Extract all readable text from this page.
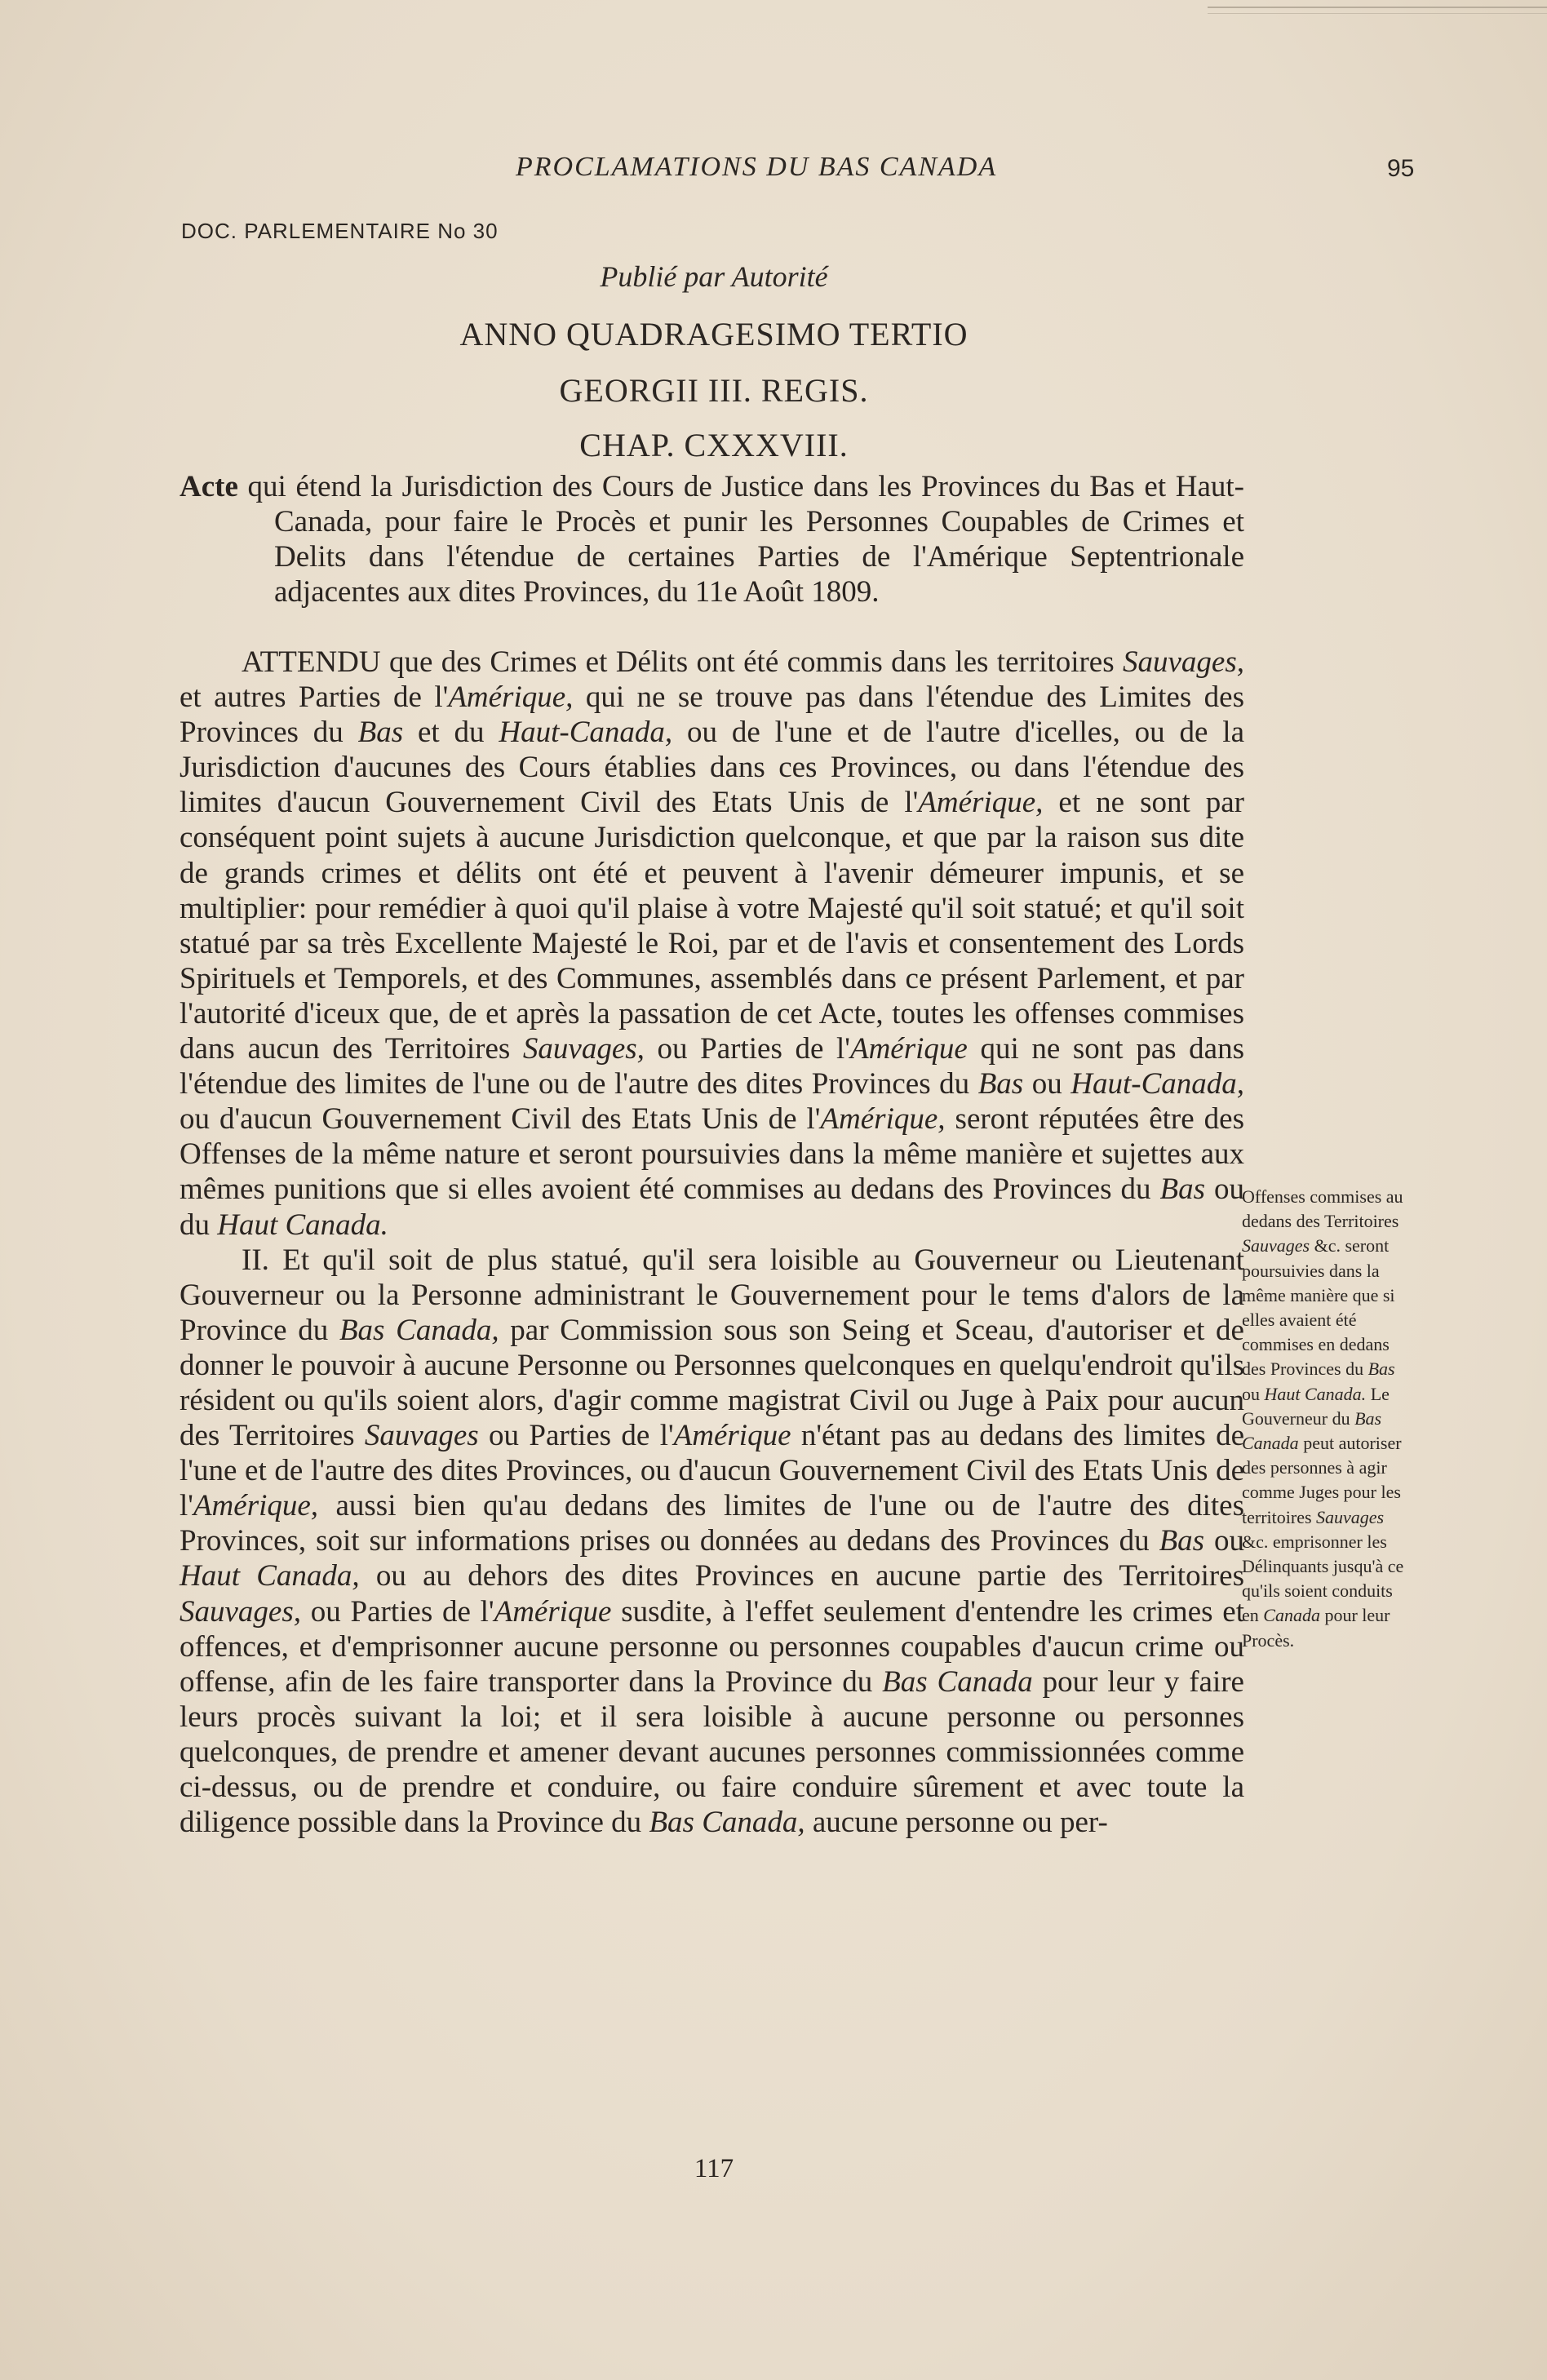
PROCLAMATIONS DU BAS CANADA	95
DOC. PARLEMENTAIRE No 30
Publié par Autorité
ANNO QUADRAGESIMO TERTIO
GEORGII III. REGIS.
CHAP. CXXXVIII.
Acte qui étend la Jurisdiction des Cours de Justice dans les Provinces du Bas et Haut-Canada, pour faire le Procès et punir les Personnes Coupables de Crimes et Delits dans l'étendue de certaines Parties de l'Amérique Septentrionale adjacentes aux dites Provinces, du 11e Août 1809.

ATTENDU que des Crimes et Délits ont été commis dans les territoires Sauvages, et autres Parties de l'Amérique, qui ne se trouve pas dans l'étendue des Limites des Provinces du Bas et du Haut-Canada, ou de l'une et de l'autre d'icelles, ou de la Jurisdiction d'aucunes des Cours établies dans ces Provinces, ou dans l'étendue des limites d'aucun Gouvernement Civil des Etats Unis de l'Amérique, et ne sont par conséquent point sujets à aucune Jurisdiction quelconque, et que par la raison sus dite de grands crimes et délits ont été et peuvent à l'avenir démeurer impunis, et se multiplier: pour remédier à quoi qu'il plaise à votre Majesté qu'il soit statué; et qu'il soit statué par sa très Excellente Majesté le Roi, par et de l'avis et consentement des Lords Spirituels et Temporels, et des Communes, assemblés dans ce présent Parlement, et par l'autorité d'iceux que, de et après la passation de cet Acte, toutes les offenses commises dans aucun des Territoires Sauvages, ou Parties de l'Amérique qui ne sont pas dans l'étendue des limites de l'une ou de l'autre des dites Provinces du Bas ou Haut-Canada, ou d'aucun Gouvernement Civil des Etats Unis de l'Amérique, seront réputées être des Offenses de la même nature et seront poursuivies dans la même manière et sujettes aux mêmes punitions que si elles avoient été commises au dedans des Provinces du Bas ou du Haut Canada.

II. Et qu'il soit de plus statué, qu'il sera loisible au Gouverneur ou Lieutenant Gouverneur ou la Personne administrant le Gouvernement pour le tems d'alors de la Province du Bas Canada, par Commission sous son Seing et Sceau, d'autoriser et de donner le pouvoir à aucune Personne ou Personnes quelconques en quelqu'endroit qu'ils résident ou qu'ils soient alors, d'agir comme magistrat Civil ou Juge à Paix pour aucun des Territoires Sauvages ou Parties de l'Amérique n'étant pas au dedans des limites de l'une et de l'autre des dites Provinces, ou d'aucun Gouvernement Civil des Etats Unis de l'Amérique, aussi bien qu'au dedans des limites de l'une ou de l'autre des dites Provinces, soit sur informations prises ou données au dedans des Provinces du Bas ou Haut Canada, ou au dehors des dites Provinces en aucune partie des Territoires Sauvages, ou Parties de l'Amérique susdite, à l'effet seulement d'entendre les crimes et offences, et d'emprisonner aucune personne ou personnes coupables d'aucun crime ou offense, afin de les faire transporter dans la Province du Bas Canada pour leur y faire leurs procès suivant la loi; et il sera loisible à aucune personne ou personnes quelconques, de prendre et amener devant aucunes personnes commissionnées comme ci-dessus, ou de prendre et conduire, ou faire conduire sûrement et avec toute la diligence possible dans la Province du Bas Canada, aucune personne ou per-

Offenses commises au dedans des Territoires Sauvages &c. seront poursuivies dans la même manière que si elles avaient été commises en dedans des Provinces du Bas ou Haut Canada. Le Gouverneur du Bas Canada peut autoriser des personnes à agir comme Juges pour les territoires Sauvages &c. emprisonner les Délinquants jusqu'à ce qu'ils soient conduits en Canada pour leur Procès.
117
